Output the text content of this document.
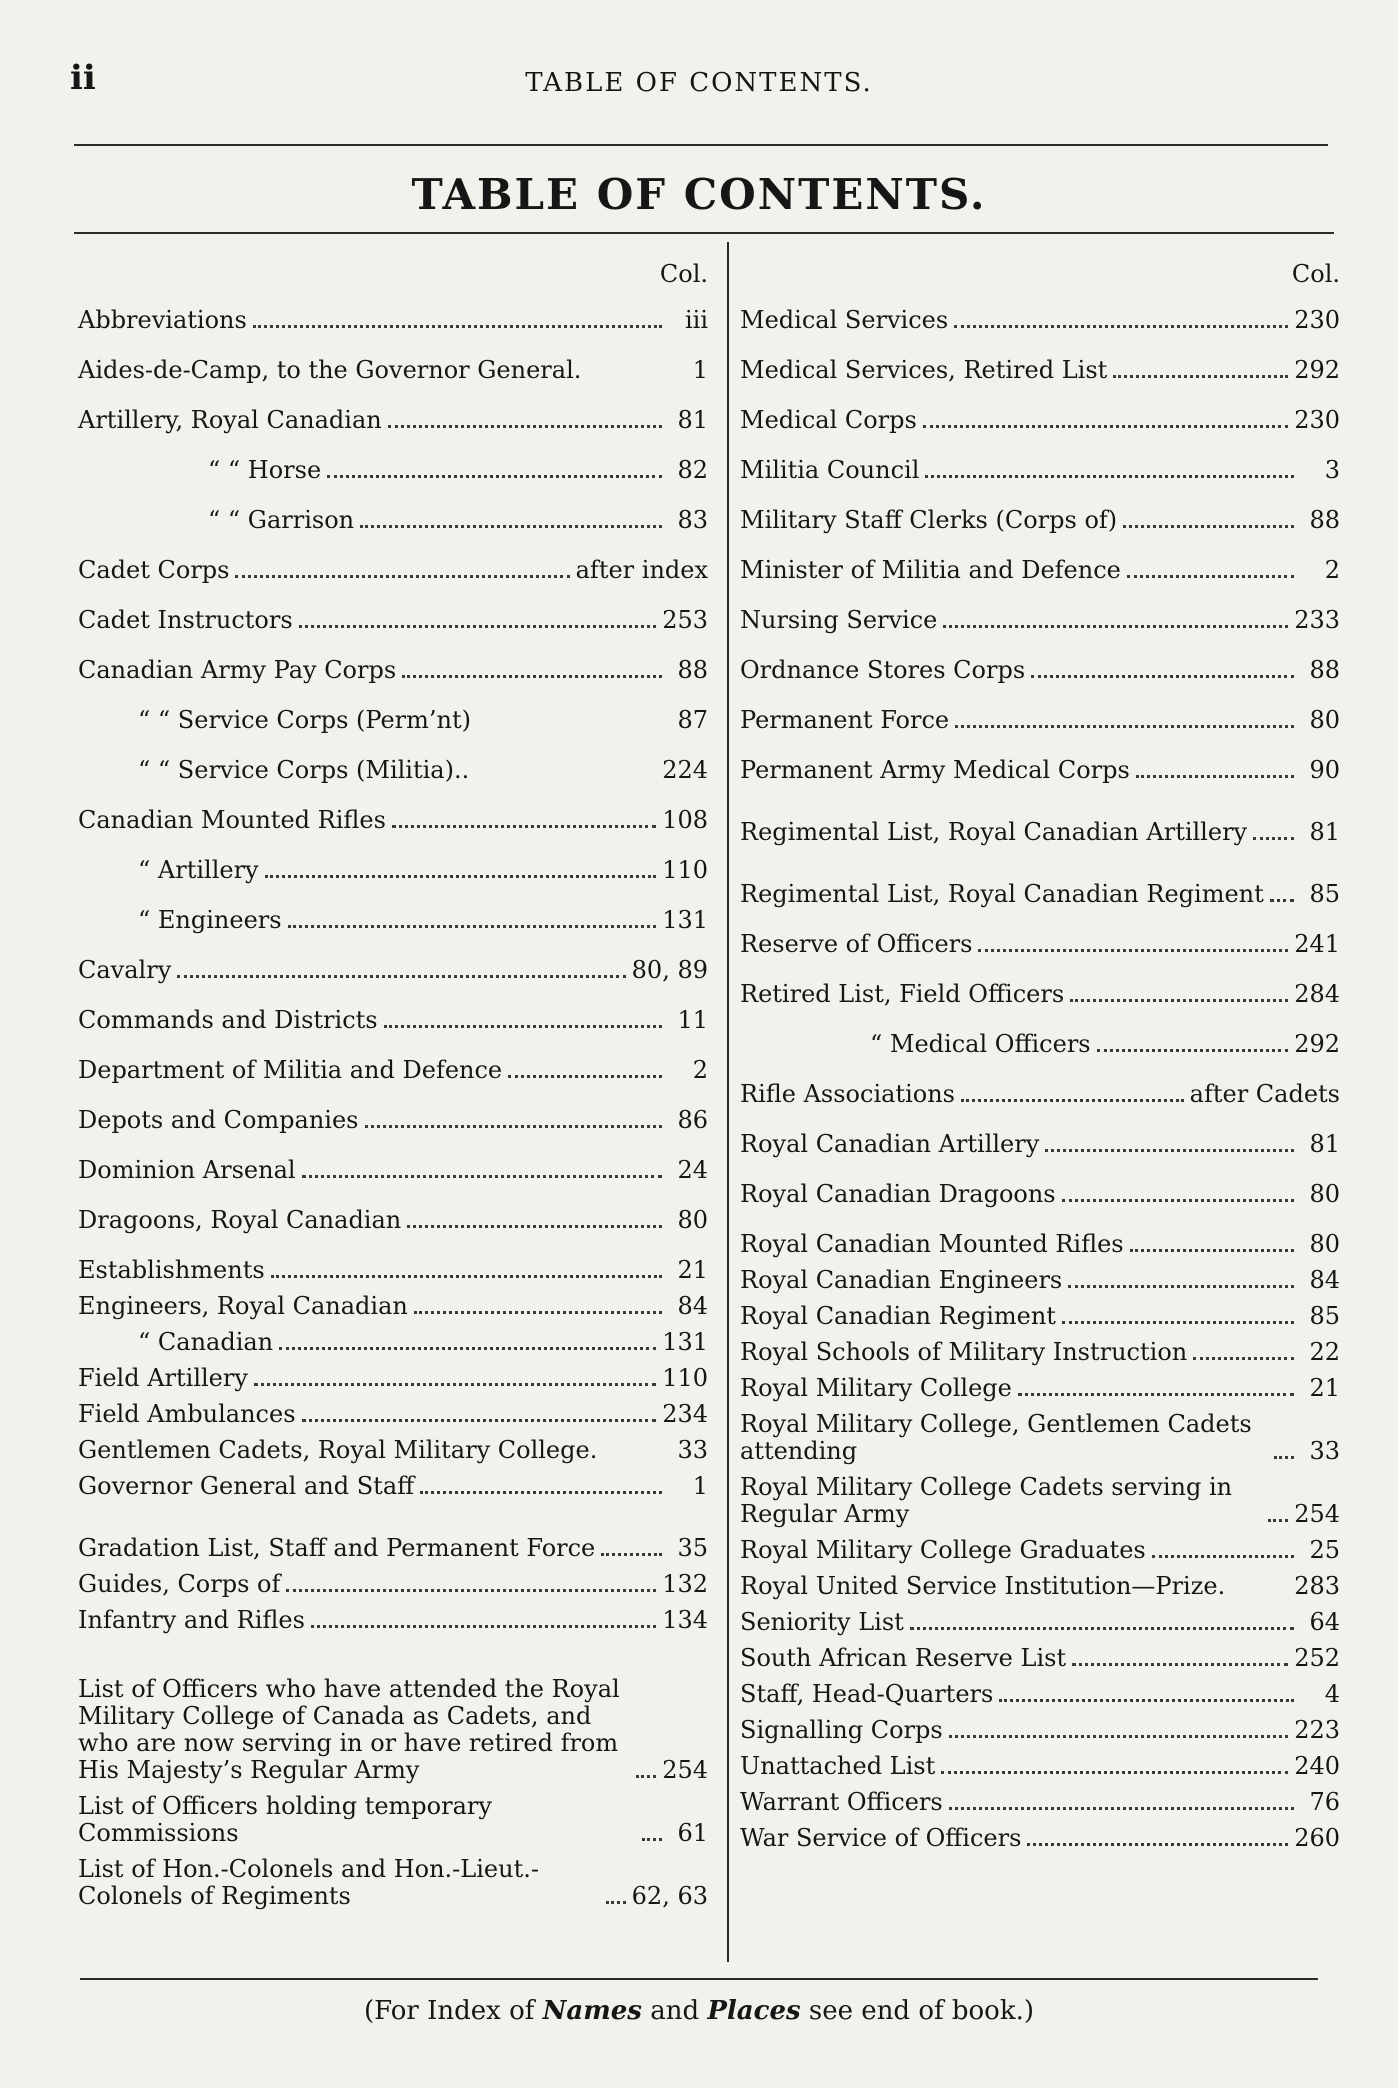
ii	TABLE OF CONTENTS.
TABLE OF CONTENTS.
Col.
Abbreviations	iii
Aides-de-Camp, to the Governor General.	1
Artillery, Royal Canadian	81
“ “ Horse	82
“ “ Garrison	83
Cadet Corps	after index
Cadet Instructors	253
Canadian Army Pay Corps	88
“ “ Service Corps (Perm’nt)	87
“ “ Service Corps (Militia)..	224
Canadian Mounted Rifles	108
“ Artillery	110
“ Engineers	131
Cavalry	80, 89
Commands and Districts	11
Department of Militia and Defence	2
Depots and Companies	86
Dominion Arsenal	24
Dragoons, Royal Canadian	80
Establishments	21
Engineers, Royal Canadian	84
“ Canadian	131
Field Artillery	110
Field Ambulances	234
Gentlemen Cadets, Royal Military College.	33
Governor General and Staff	1
Gradation List, Staff and Permanent Force	35
Guides, Corps of	132
Infantry and Rifles	134
List of Officers who have attended the Royal Military College of Canada as Cadets, and who are now serving in or have retired from His Majesty’s Regular Army	254
List of Officers holding temporary Commissions	61
List of Hon.-Colonels and Hon.-Lieut.-Colonels of Regiments	62, 63
Col.
Medical Services	230
Medical Services, Retired List	292
Medical Corps	230
Militia Council	3
Military Staff Clerks (Corps of)	88
Minister of Militia and Defence	2
Nursing Service	233
Ordnance Stores Corps	88
Permanent Force	80
Permanent Army Medical Corps	90
Regimental List, Royal Canadian Artillery	81
Regimental List, Royal Canadian Regiment	85
Reserve of Officers	241
Retired List, Field Officers	284
“ Medical Officers	292
Rifle Associations	after Cadets
Royal Canadian Artillery	81
Royal Canadian Dragoons	80
Royal Canadian Mounted Rifles	80
Royal Canadian Engineers	84
Royal Canadian Regiment	85
Royal Schools of Military Instruction	22
Royal Military College	21
Royal Military College, Gentlemen Cadets attending	33
Royal Military College Cadets serving in Regular Army	254
Royal Military College Graduates	25
Royal United Service Institution—Prize.	283
Seniority List	64
South African Reserve List	252
Staff, Head-Quarters	4
Signalling Corps	223
Unattached List	240
Warrant Officers	76
War Service of Officers	260
(For Index of Names and Places see end of book.)
